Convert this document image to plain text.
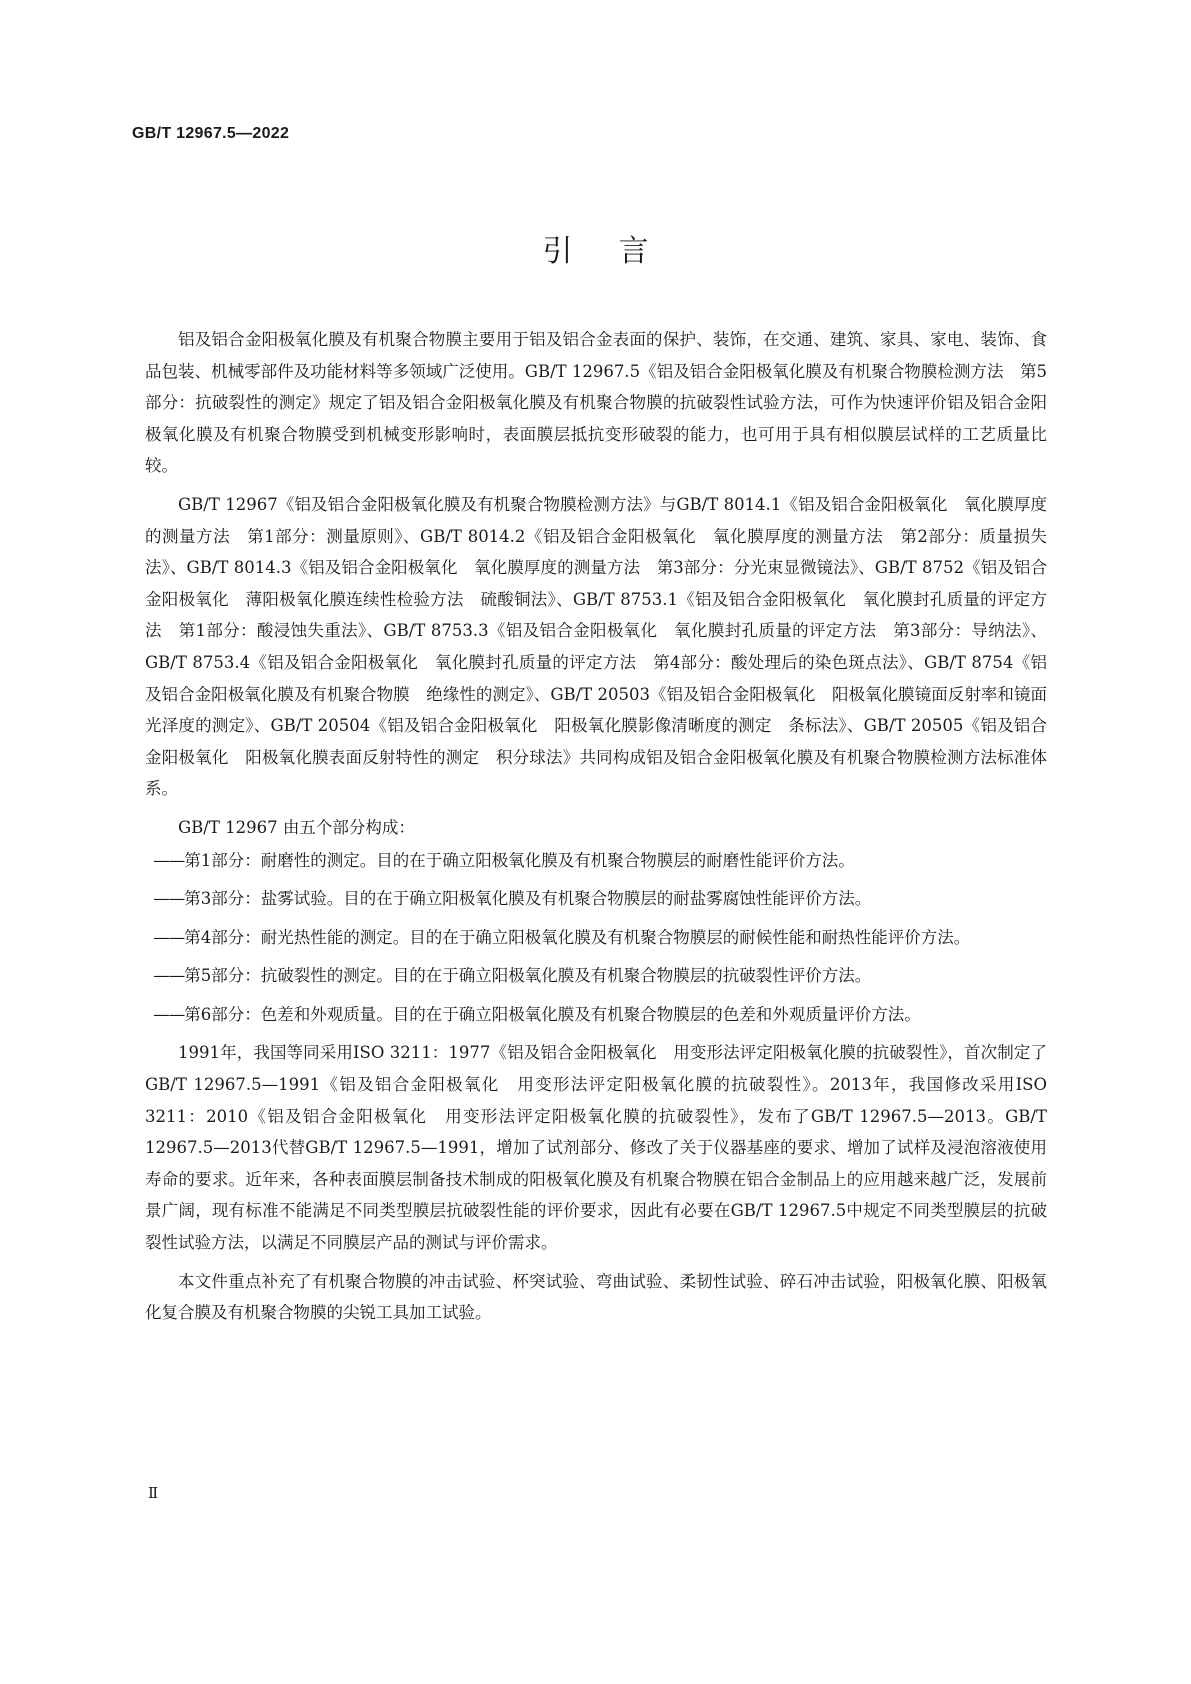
GB/T 12967.5—2022
引言

铝及铝合金阳极氧化膜及有机聚合物膜主要用于铝及铝合金表面的保护、装饰，在交通、建筑、家具、家电、装饰、食品包装、机械零部件及功能材料等多领域广泛使用。GB/T 12967.5《铝及铝合金阳极氧化膜及有机聚合物膜检测方法　第5部分：抗破裂性的测定》规定了铝及铝合金阳极氧化膜及有机聚合物膜的抗破裂性试验方法，可作为快速评价铝及铝合金阳极氧化膜及有机聚合物膜受到机械变形影响时，表面膜层抵抗变形破裂的能力，也可用于具有相似膜层试样的工艺质量比较。

GB/T 12967《铝及铝合金阳极氧化膜及有机聚合物膜检测方法》与GB/T 8014.1《铝及铝合金阳极氧化　氧化膜厚度的测量方法　第1部分：测量原则》、GB/T 8014.2《铝及铝合金阳极氧化　氧化膜厚度的测量方法　第2部分：质量损失法》、GB/T 8014.3《铝及铝合金阳极氧化　氧化膜厚度的测量方法　第3部分：分光束显微镜法》、GB/T 8752《铝及铝合金阳极氧化　薄阳极氧化膜连续性检验方法　硫酸铜法》、GB/T 8753.1《铝及铝合金阳极氧化　氧化膜封孔质量的评定方法　第1部分：酸浸蚀失重法》、GB/T 8753.3《铝及铝合金阳极氧化　氧化膜封孔质量的评定方法　第3部分：导纳法》、GB/T 8753.4《铝及铝合金阳极氧化　氧化膜封孔质量的评定方法　第4部分：酸处理后的染色斑点法》、GB/T 8754《铝及铝合金阳极氧化膜及有机聚合物膜　绝缘性的测定》、GB/T 20503《铝及铝合金阳极氧化　阳极氧化膜镜面反射率和镜面光泽度的测定》、GB/T 20504《铝及铝合金阳极氧化　阳极氧化膜影像清晰度的测定　条标法》、GB/T 20505《铝及铝合金阳极氧化　阳极氧化膜表面反射特性的测定　积分球法》共同构成铝及铝合金阳极氧化膜及有机聚合物膜检测方法标准体系。

GB/T 12967 由五个部分构成：

——第1部分：耐磨性的测定。目的在于确立阳极氧化膜及有机聚合物膜层的耐磨性能评价方法。
——第3部分：盐雾试验。目的在于确立阳极氧化膜及有机聚合物膜层的耐盐雾腐蚀性能评价方法。
——第4部分：耐光热性能的测定。目的在于确立阳极氧化膜及有机聚合物膜层的耐候性能和耐热性能评价方法。
——第5部分：抗破裂性的测定。目的在于确立阳极氧化膜及有机聚合物膜层的抗破裂性评价方法。
——第6部分：色差和外观质量。目的在于确立阳极氧化膜及有机聚合物膜层的色差和外观质量评价方法。

1991年，我国等同采用ISO 3211：1977《铝及铝合金阳极氧化　用变形法评定阳极氧化膜的抗破裂性》，首次制定了GB/T 12967.5—1991《铝及铝合金阳极氧化　用变形法评定阳极氧化膜的抗破裂性》。2013年，我国修改采用ISO 3211：2010《铝及铝合金阳极氧化　用变形法评定阳极氧化膜的抗破裂性》，发布了GB/T 12967.5—2013。GB/T 12967.5—2013代替GB/T 12967.5—1991，增加了试剂部分、修改了关于仪器基座的要求、增加了试样及浸泡溶液使用寿命的要求。近年来，各种表面膜层制备技术制成的阳极氧化膜及有机聚合物膜在铝合金制品上的应用越来越广泛，发展前景广阔，现有标准不能满足不同类型膜层抗破裂性能的评价要求，因此有必要在GB/T 12967.5中规定不同类型膜层的抗破裂性试验方法，以满足不同膜层产品的测试与评价需求。

本文件重点补充了有机聚合物膜的冲击试验、杯突试验、弯曲试验、柔韧性试验、碎石冲击试验，阳极氧化膜、阳极氧化复合膜及有机聚合物膜的尖锐工具加工试验。

Ⅱ
